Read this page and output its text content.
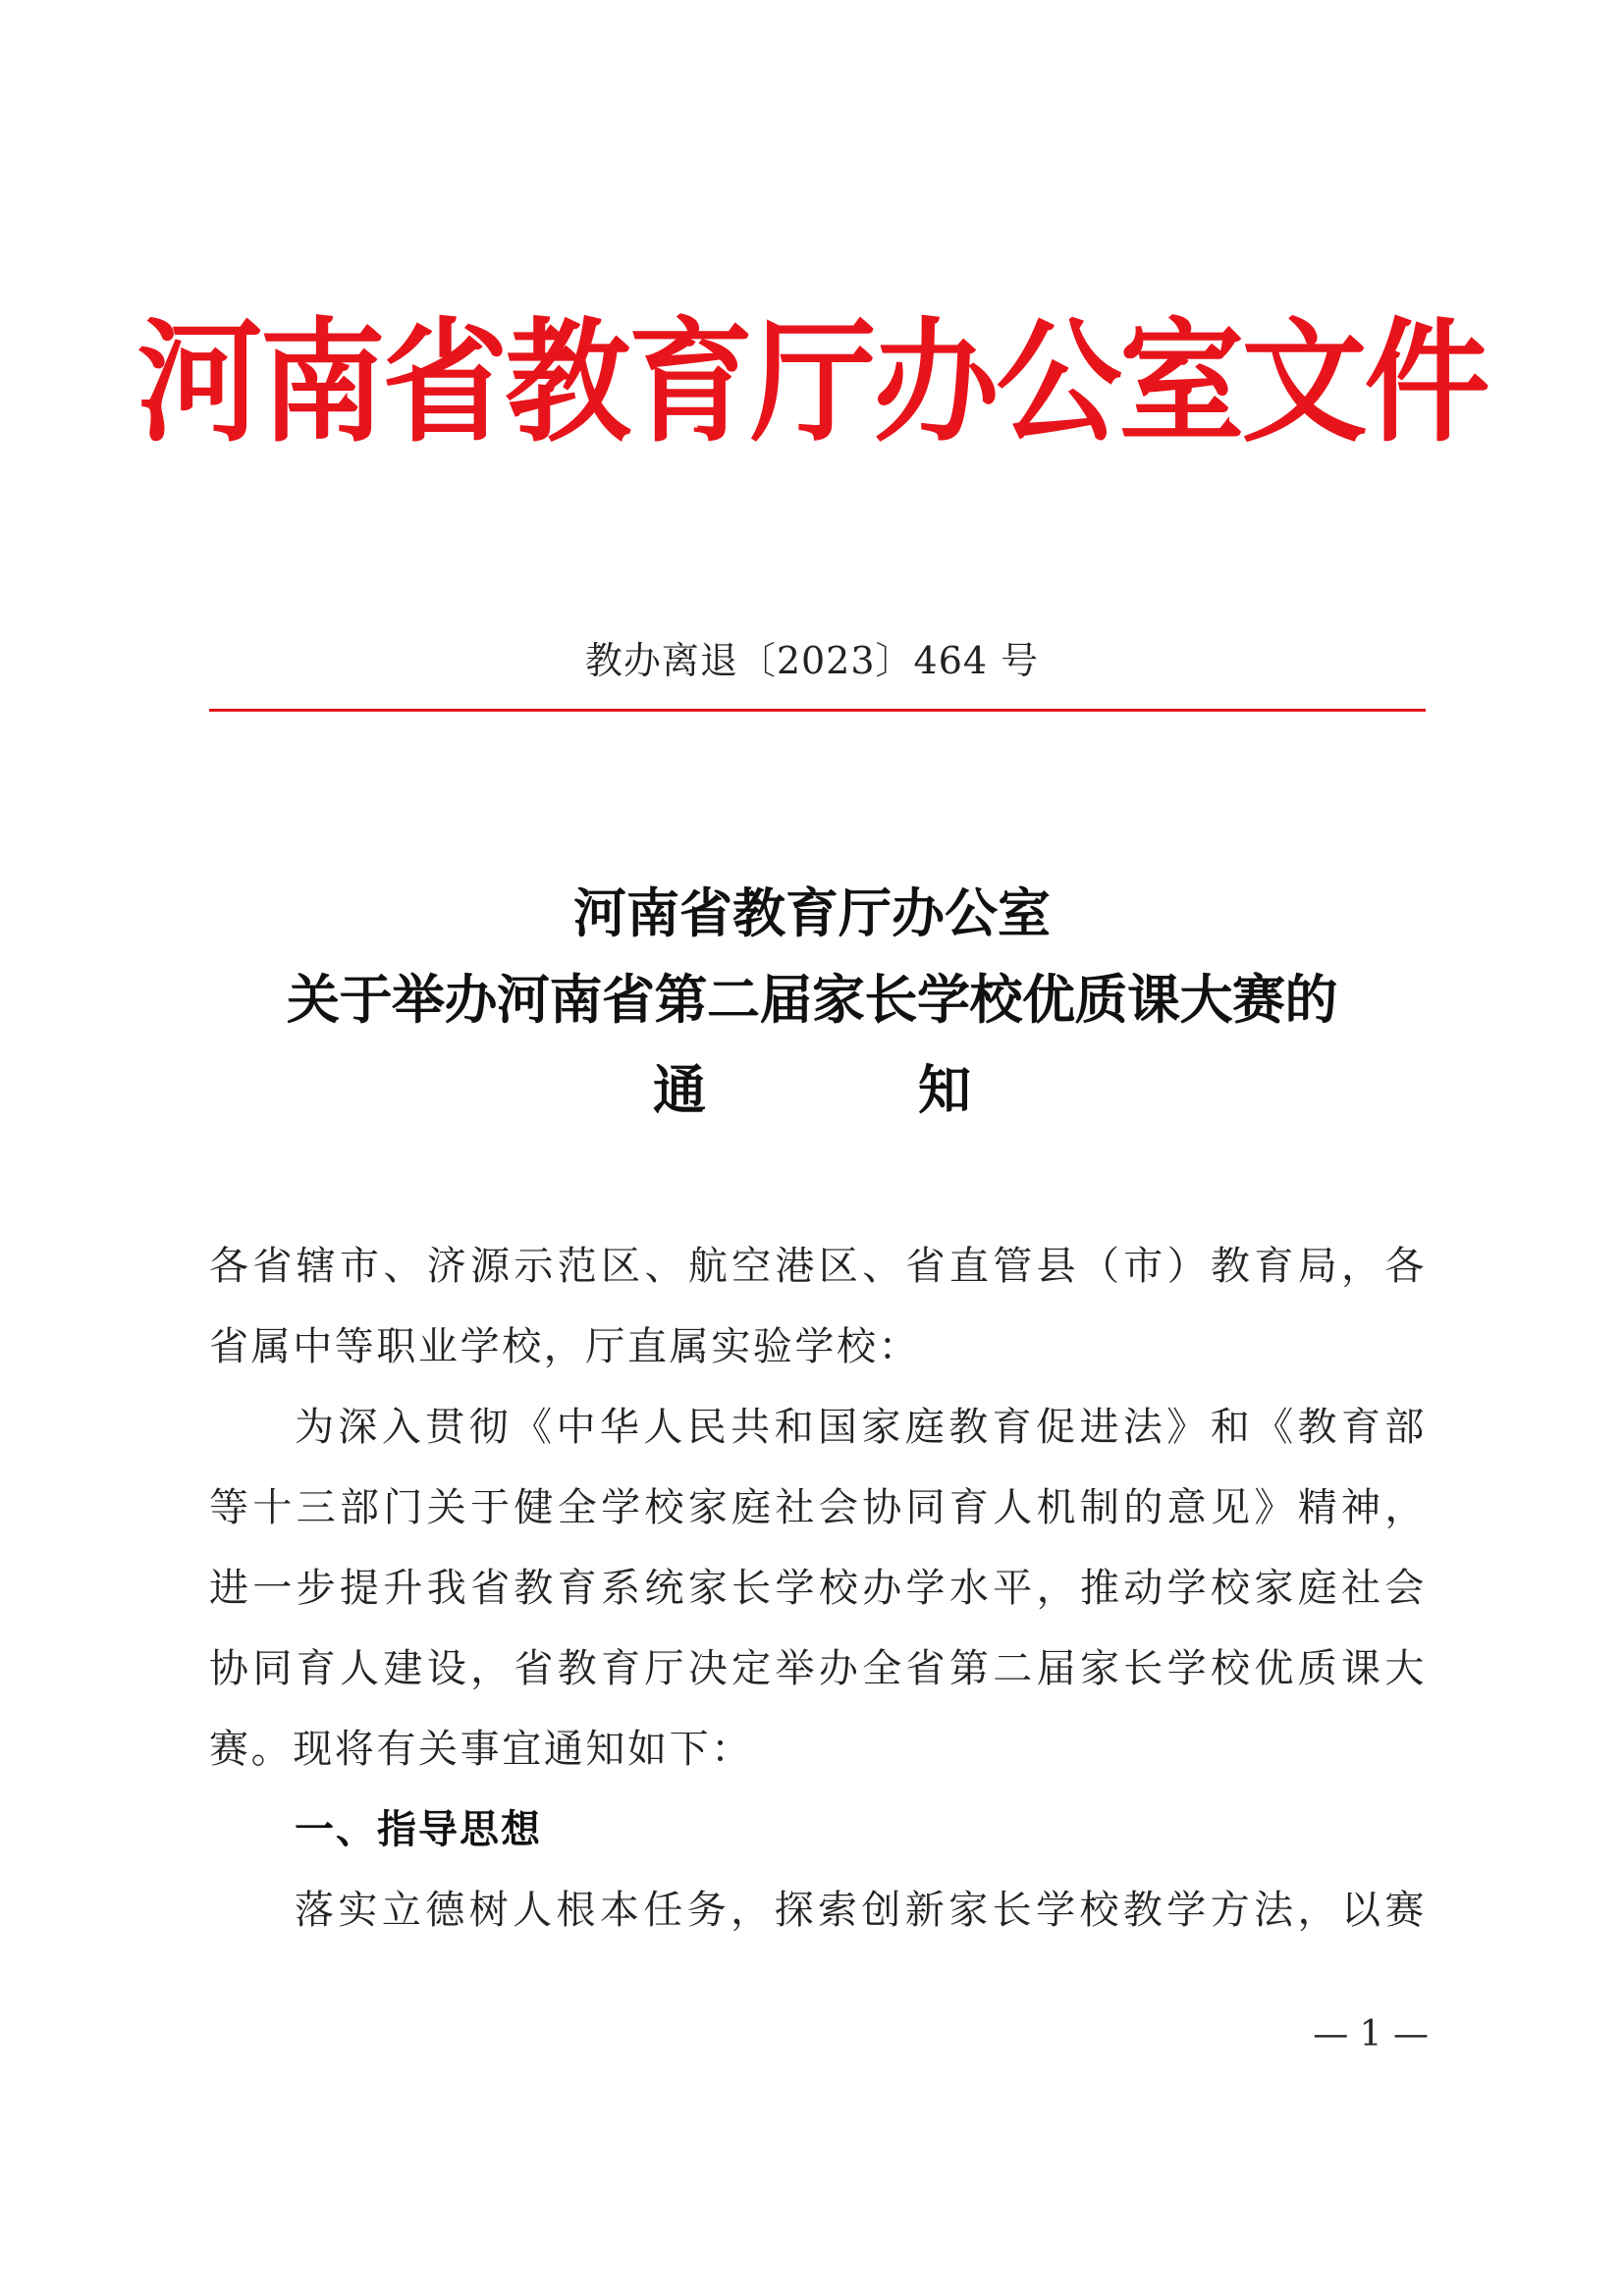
河南省教育厅办公室文件
教办离退〔2023〕464 号
河南省教育厅办公室
关于举办河南省第二届家长学校优质课大赛的
通	知
各省辖市、济源示范区、航空港区、省直管县（市）教育局，各
省属中等职业学校，厅直属实验学校：
为深入贯彻《中华人民共和国家庭教育促进法》和《教育部
等十三部门关于健全学校家庭社会协同育人机制的意见》精神，
进一步提升我省教育系统家长学校办学水平，推动学校家庭社会
协同育人建设，省教育厅决定举办全省第二届家长学校优质课大
赛。现将有关事宜通知如下：
一、指导思想
落实立德树人根本任务，探索创新家长学校教学方法，以赛
— 1 —
